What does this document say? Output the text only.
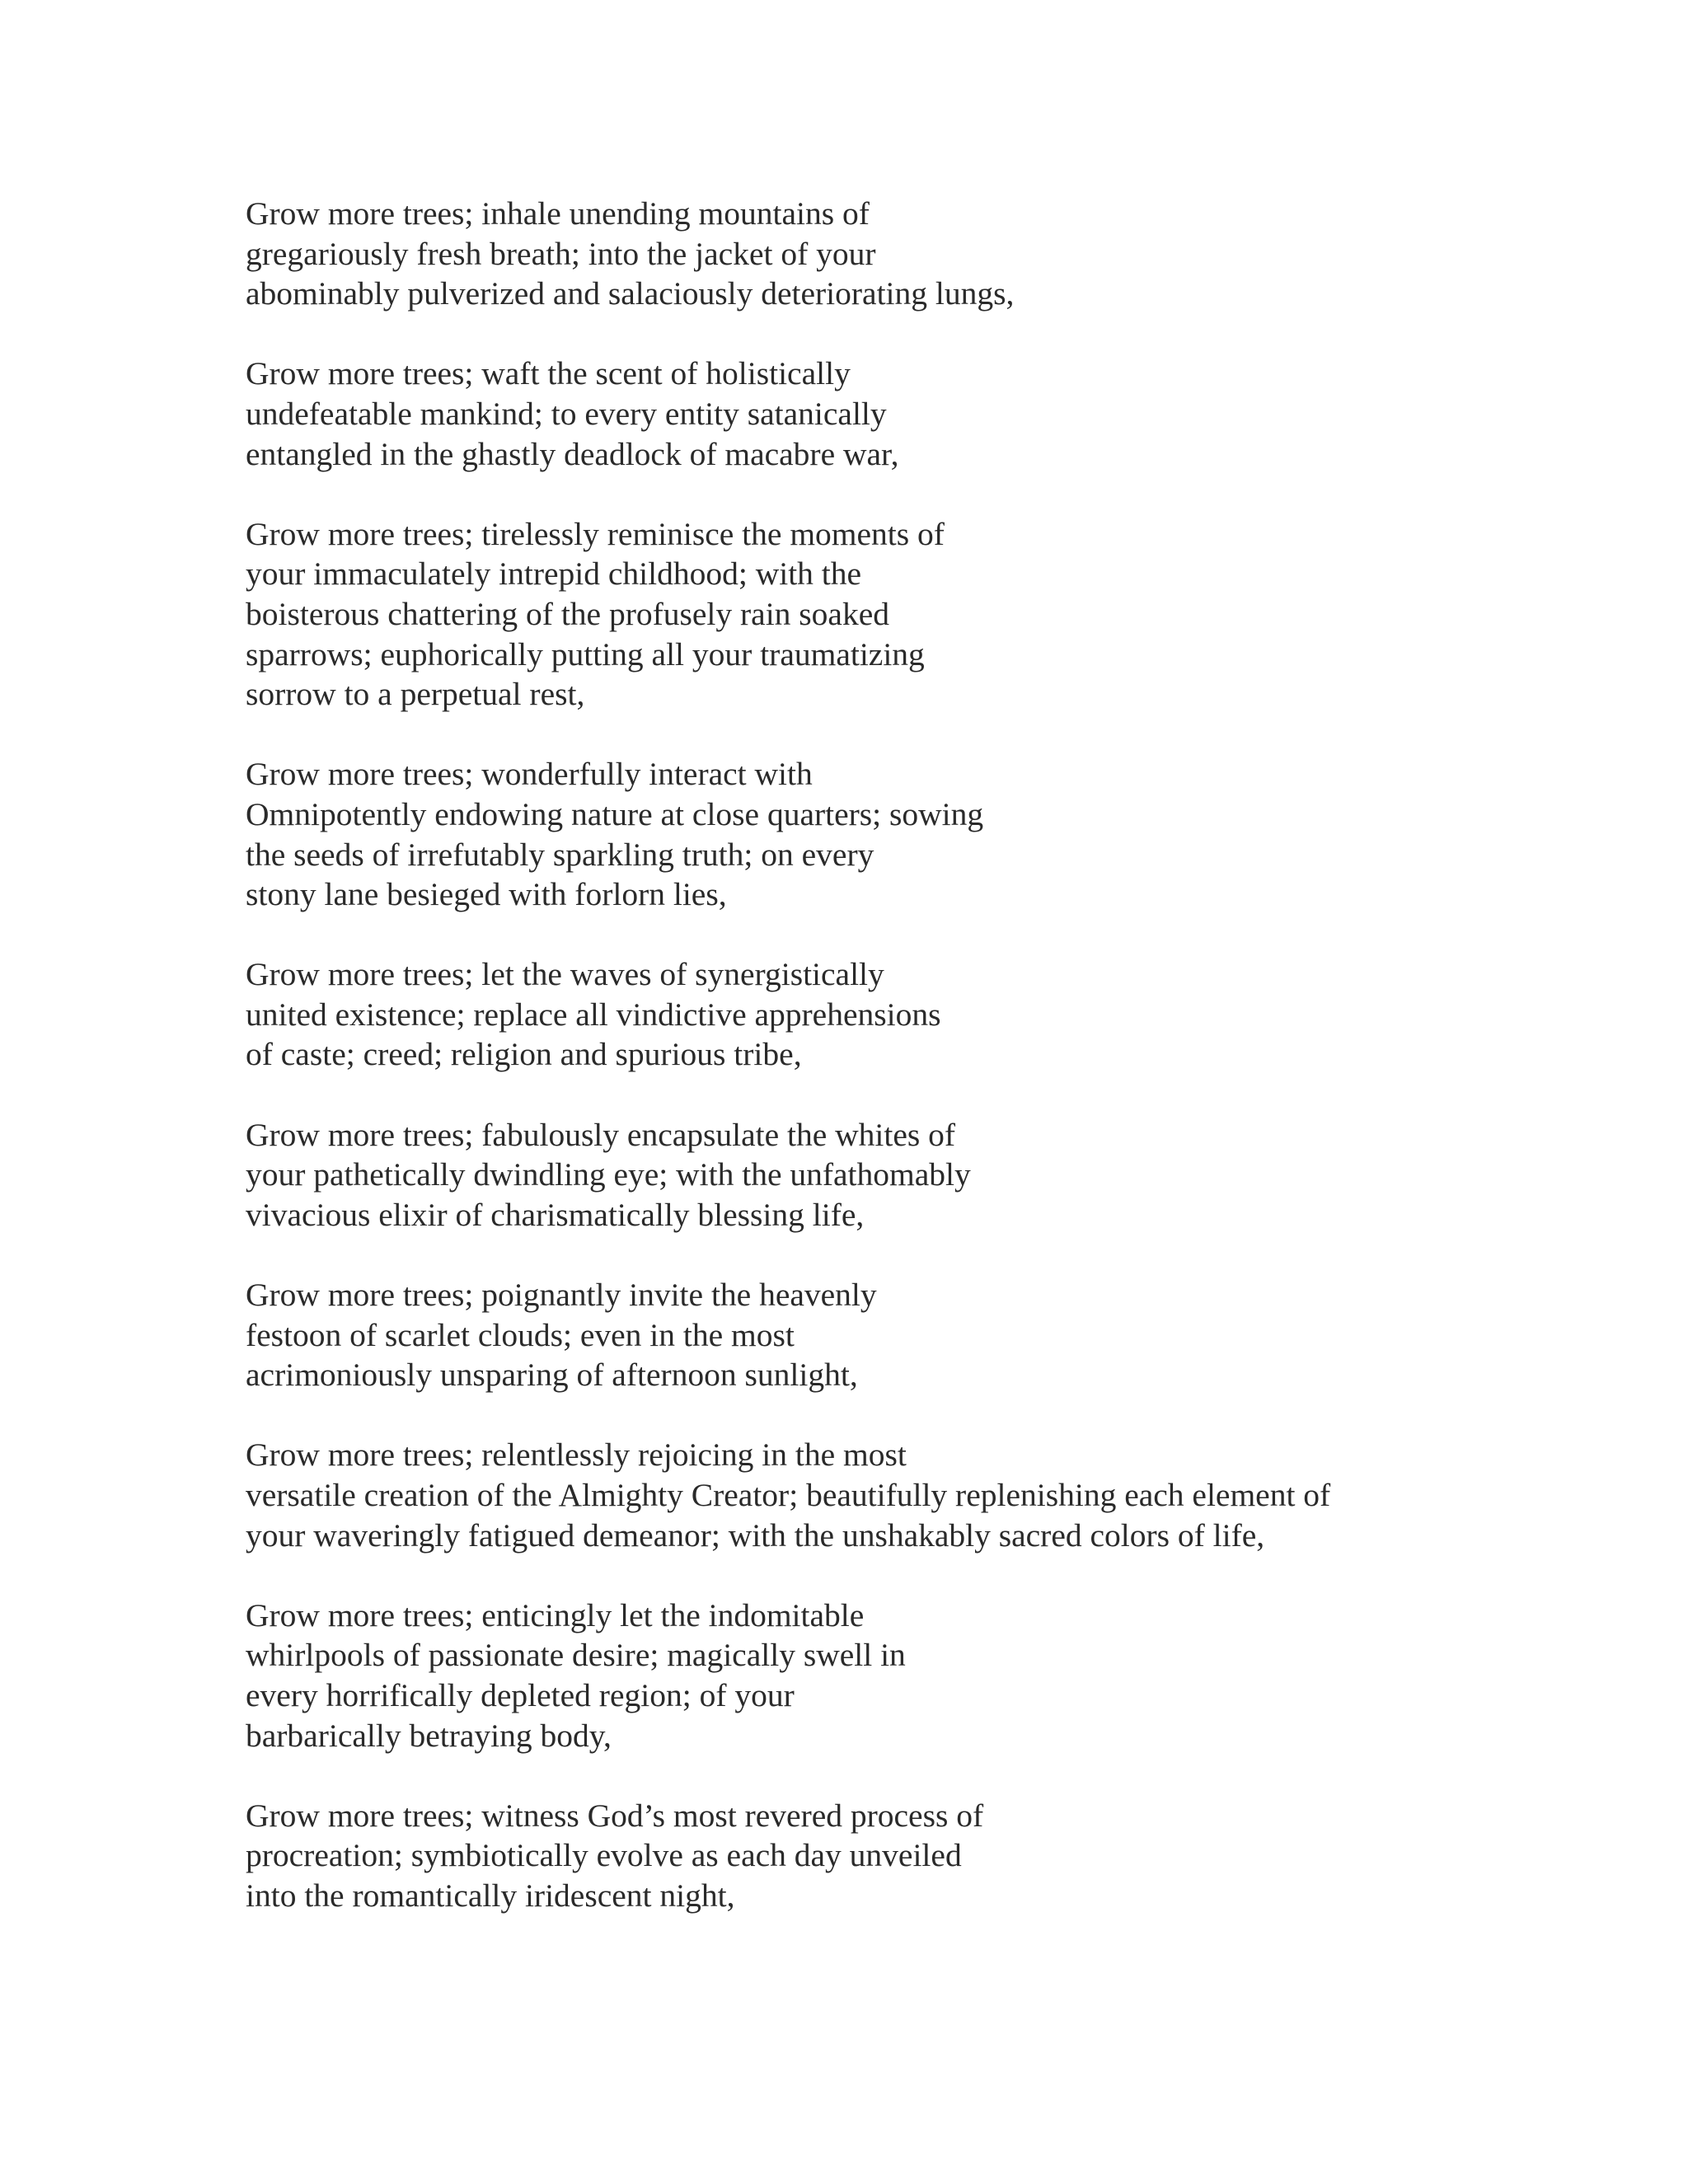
Grow more trees; inhale unending mountains of
gregariously fresh breath; into the jacket of your
abominably pulverized and salaciously deteriorating lungs,
Grow more trees; waft the scent of holistically
undefeatable mankind; to every entity satanically
entangled in the ghastly deadlock of macabre war,
Grow more trees; tirelessly reminisce the moments of
your immaculately intrepid childhood; with the
boisterous chattering of the profusely rain soaked
sparrows; euphorically putting all your traumatizing
sorrow to a perpetual rest,
Grow more trees; wonderfully interact with
Omnipotently endowing nature at close quarters; sowing
the seeds of irrefutably sparkling truth; on every
stony lane besieged with forlorn lies,
Grow more trees; let the waves of synergistically
united existence; replace all vindictive apprehensions
of caste; creed; religion and spurious tribe,
Grow more trees; fabulously encapsulate the whites of
your pathetically dwindling eye; with the unfathomably
vivacious elixir of charismatically blessing life,
Grow more trees; poignantly invite the heavenly
festoon of scarlet clouds; even in the most
acrimoniously unsparing of afternoon sunlight,
Grow more trees; relentlessly rejoicing in the most
versatile creation of the Almighty Creator; beautifully replenishing each element of
your waveringly fatigued demeanor; with the unshakably sacred colors of life,
Grow more trees; enticingly let the indomitable
whirlpools of passionate desire; magically swell in
every horrifically depleted region; of your
barbarically betraying body,
Grow more trees; witness God’s most revered process of
procreation; symbiotically evolve as each day unveiled
into the romantically iridescent night,
